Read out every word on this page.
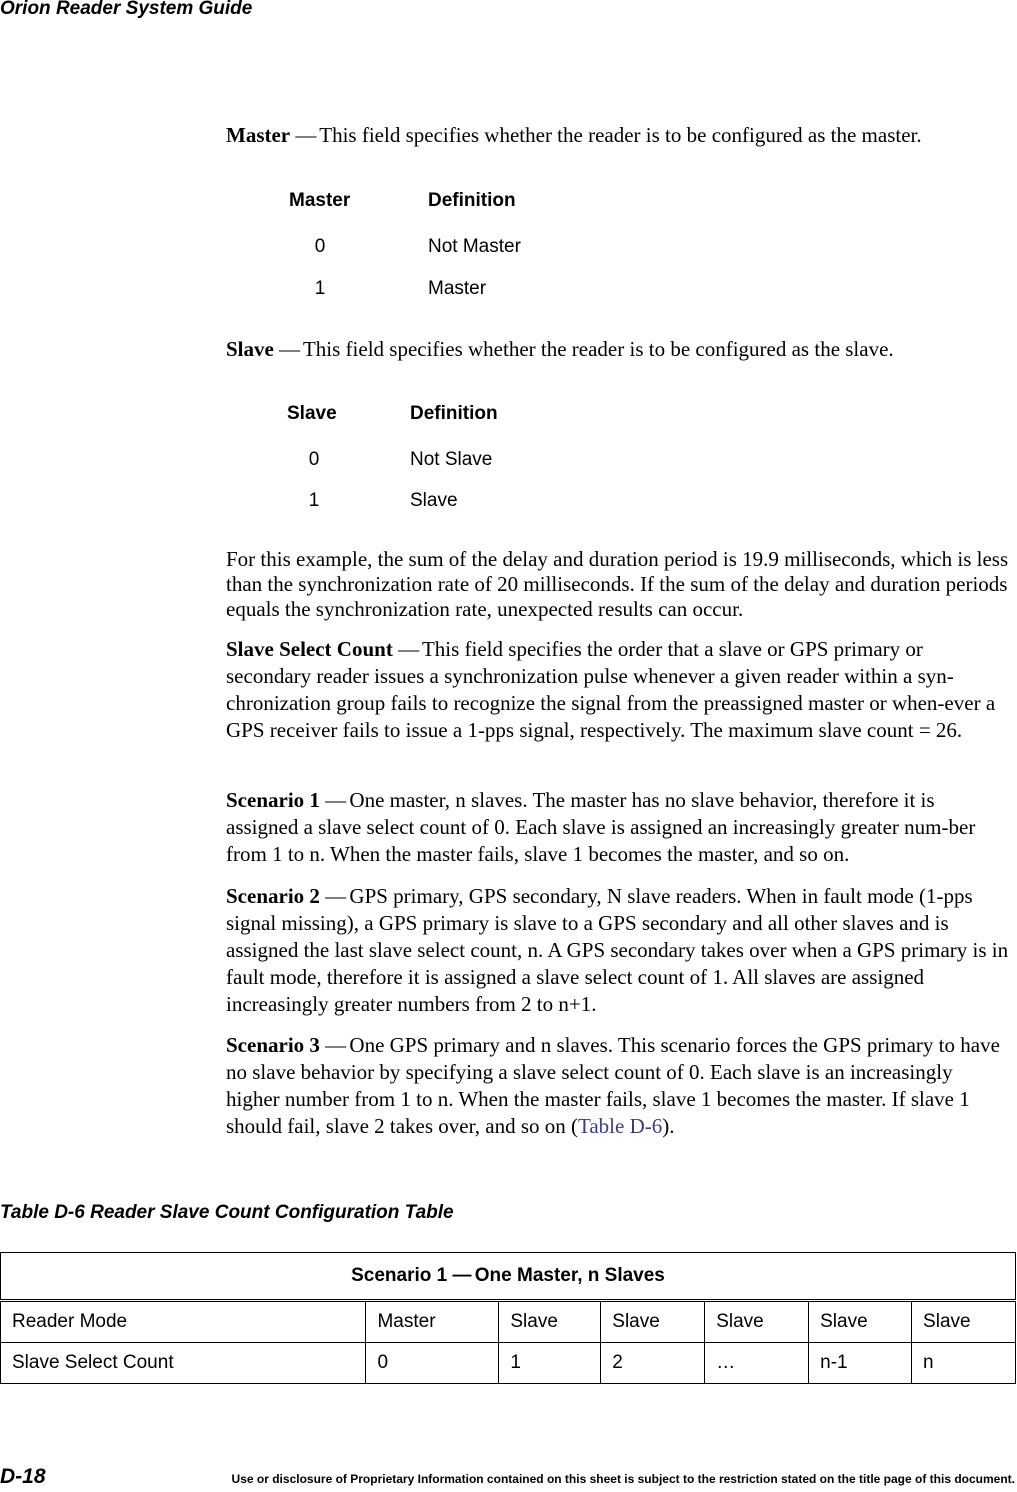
Orion Reader System Guide
Master — This field specifies whether the reader is to be configured as the master.
Master	Definition
0	Not Master
1	Master
Slave — This field specifies whether the reader is to be configured as the slave.
Slave	Definition
0	Not Slave
1	Slave
For this example, the sum of the delay and duration period is 19.9 milliseconds, which is less than the synchronization rate of 20 milliseconds. If the sum of the delay and duration periods equals the synchronization rate, unexpected results can occur.
Slave Select Count — This field specifies the order that a slave or GPS primary or secondary reader issues a synchronization pulse whenever a given reader within a syn-chronization group fails to recognize the signal from the preassigned master or when-ever a GPS receiver fails to issue a 1-pps signal, respectively. The maximum slave count = 26.
Scenario 1 — One master, n slaves. The master has no slave behavior, therefore it is assigned a slave select count of 0. Each slave is assigned an increasingly greater num-ber from 1 to n. When the master fails, slave 1 becomes the master, and so on.
Scenario 2 — GPS primary, GPS secondary, N slave readers. When in fault mode (1-pps signal missing), a GPS primary is slave to a GPS secondary and all other slaves and is assigned the last slave select count, n. A GPS secondary takes over when a GPS primary is in fault mode, therefore it is assigned a slave select count of 1. All slaves are assigned increasingly greater numbers from 2 to n+1.
Scenario 3 — One GPS primary and n slaves. This scenario forces the GPS primary to have no slave behavior by specifying a slave select count of 0. Each slave is an increasingly higher number from 1 to n. When the master fails, slave 1 becomes the master. If slave 1 should fail, slave 2 takes over, and so on (Table D-6).
Table D-6 Reader Slave Count Configuration Table
Scenario 1 — One Master, n Slaves						
Reader Mode	Master	Slave	Slave	Slave	Slave	Slave
Slave Select Count	0	1	2	…	n-1	n
D-18	Use or disclosure of Proprietary Information contained on this sheet is subject to the restriction stated on the title page of this document.
